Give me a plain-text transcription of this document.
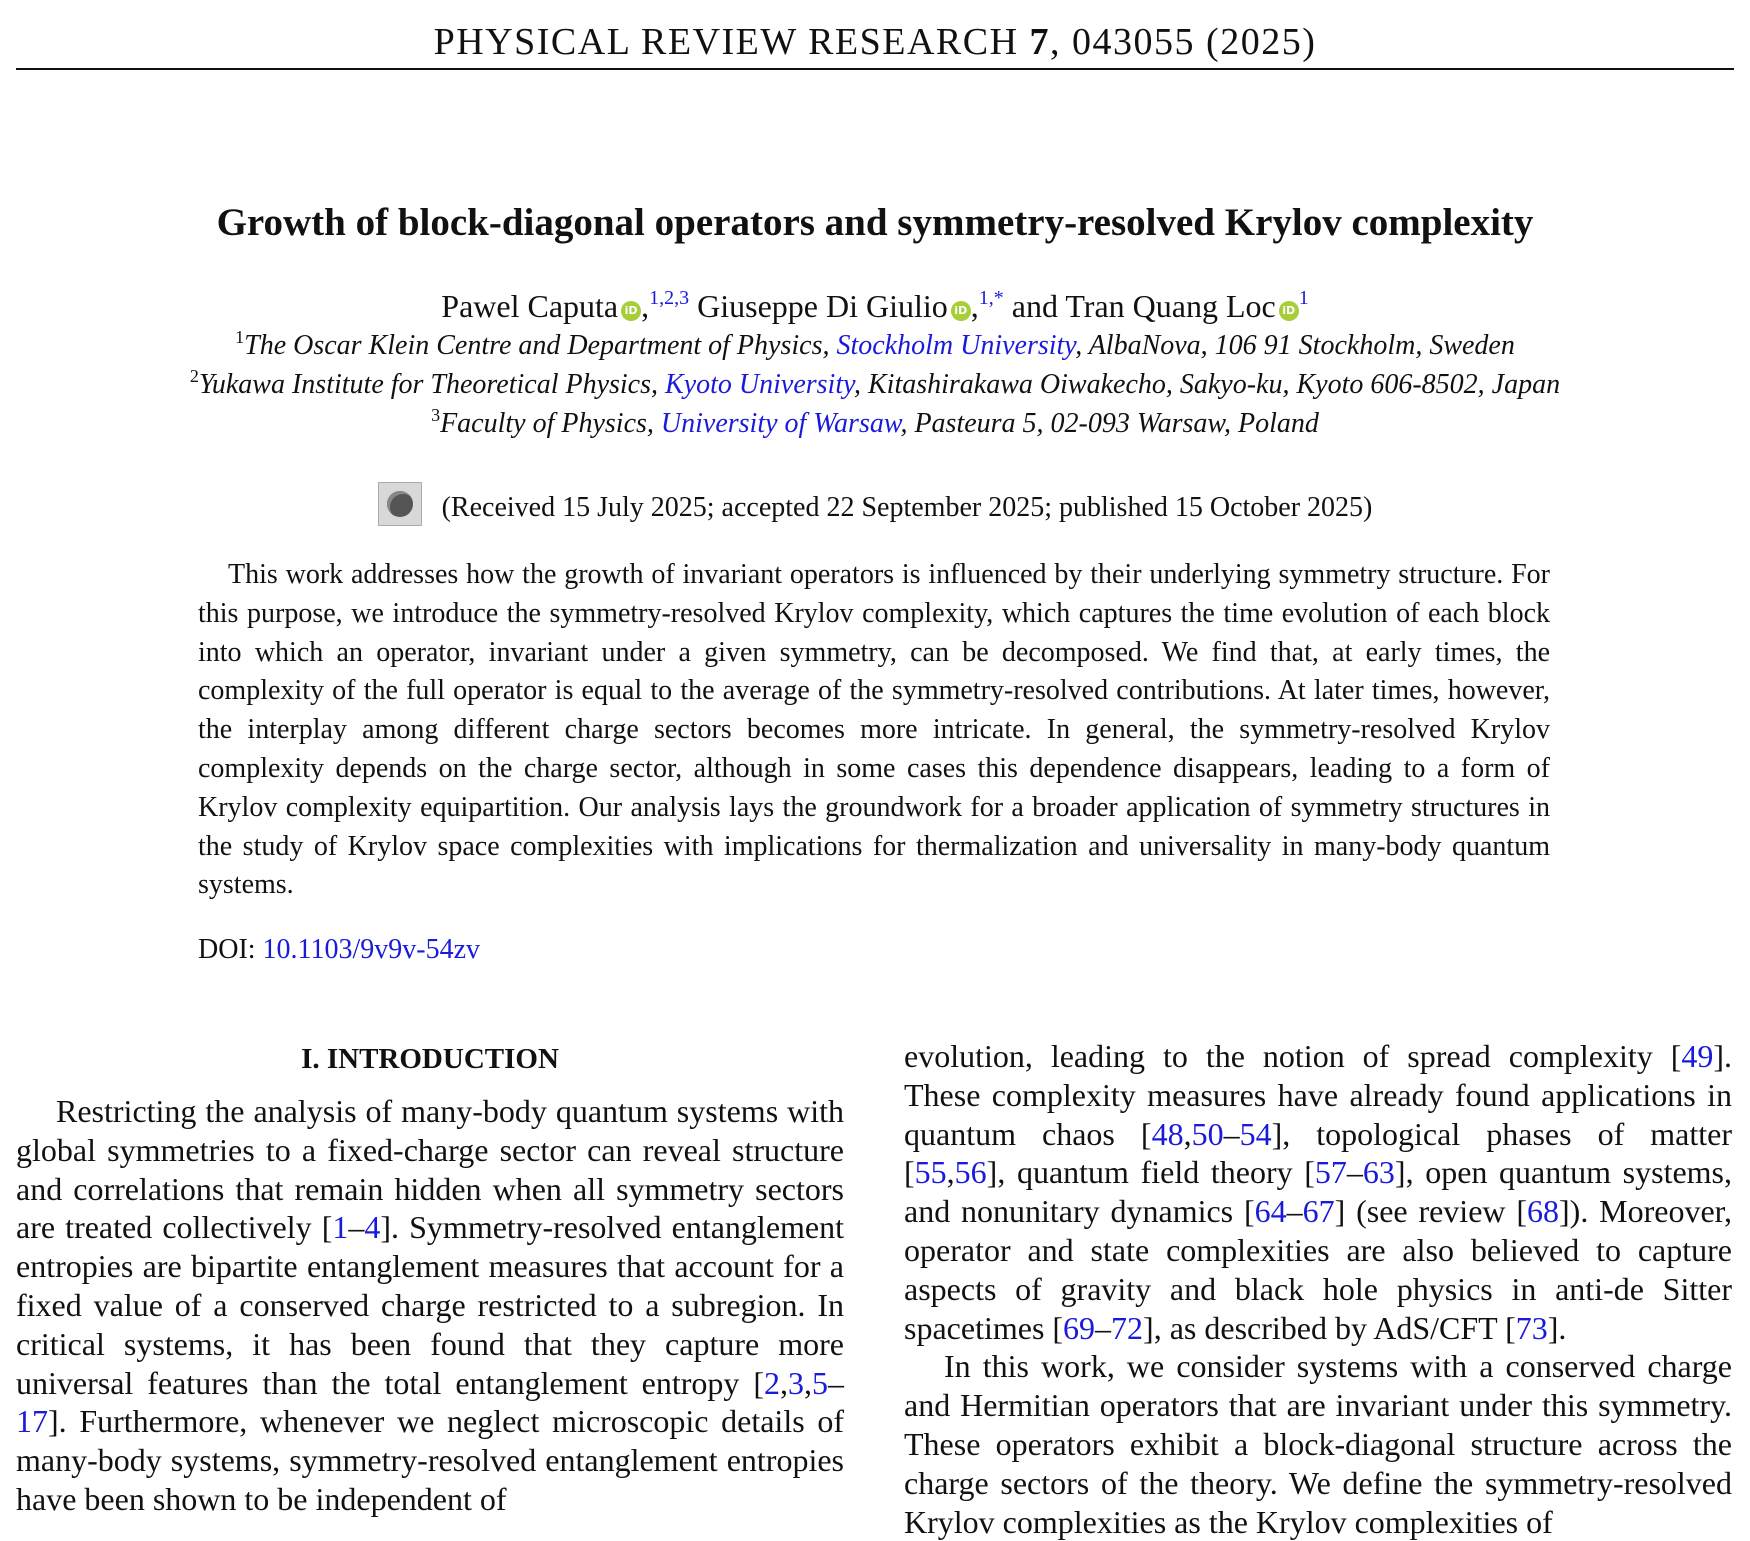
PHYSICAL REVIEW RESEARCH 7, 043055 (2025)
Growth of block-diagonal operators and symmetry-resolved Krylov complexity
Pawel Caputa iD ,$^{1,2,3}$ Giuseppe Di Giulio iD ,$^{1,*}$ and Tran Quang Loc $iD^1$
$^1$The Oscar Klein Centre and Department of Physics, Stockholm University, AlbaNova, 106 91 Stockholm, Sweden
$^2$Yukawa Institute for Theoretical Physics, Kyoto University, Kitashirakawa Oiwakecho, Sakyo-ku, Kyoto 606-8502, Japan
$^3$Faculty of Physics, University of Warsaw, Pasteura 5, 02-093 Warsaw, Poland
(Received 15 July 2025; accepted 22 September 2025; published 15 October 2025)

This work addresses how the growth of invariant operators is influenced by their underlying symmetry structure. For this purpose, we introduce the symmetry-resolved Krylov complexity, which captures the time evolution of each block into which an operator, invariant under a given symmetry, can be decomposed. We find that, at early times, the complexity of the full operator is equal to the average of the symmetry-resolved contributions. At later times, however, the interplay among different charge sectors becomes more intricate. In general, the symmetry-resolved Krylov complexity depends on the charge sector, although in some cases this dependence disappears, leading to a form of Krylov complexity equipartition. Our analysis lays the groundwork for a broader application of symmetry structures in the study of Krylov space complexities with implications for thermalization and universality in many-body quantum systems.

DOI: 10.1103/9v9v-54zv
I. INTRODUCTION

Restricting the analysis of many-body quantum systems with global symmetries to a fixed-charge sector can reveal structure and correlations that remain hidden when all symmetry sectors are treated collectively [1–4]. Symmetry-resolved entanglement entropies are bipartite entanglement measures that account for a fixed value of a conserved charge restricted to a subregion. In critical systems, it has been found that they capture more universal features than the total entanglement entropy [2,3,5–17]. Furthermore, whenever we neglect microscopic details of many-body systems, symmetry-resolved entanglement entropies have been shown to be independent of

evolution, leading to the notion of spread complexity [49]. These complexity measures have already found applications in quantum chaos [48,50–54], topological phases of matter [55,56], quantum field theory [57–63], open quantum systems, and nonunitary dynamics [64–67] (see review [68]). Moreover, operator and state complexities are also believed to capture aspects of gravity and black hole physics in anti-de Sitter spacetimes [69–72], as described by AdS/CFT [73].

In this work, we consider systems with a conserved charge and Hermitian operators that are invariant under this symmetry. These operators exhibit a block-diagonal structure across the charge sectors of the theory. We define the symmetry-resolved Krylov complexities as the Krylov complexities of
